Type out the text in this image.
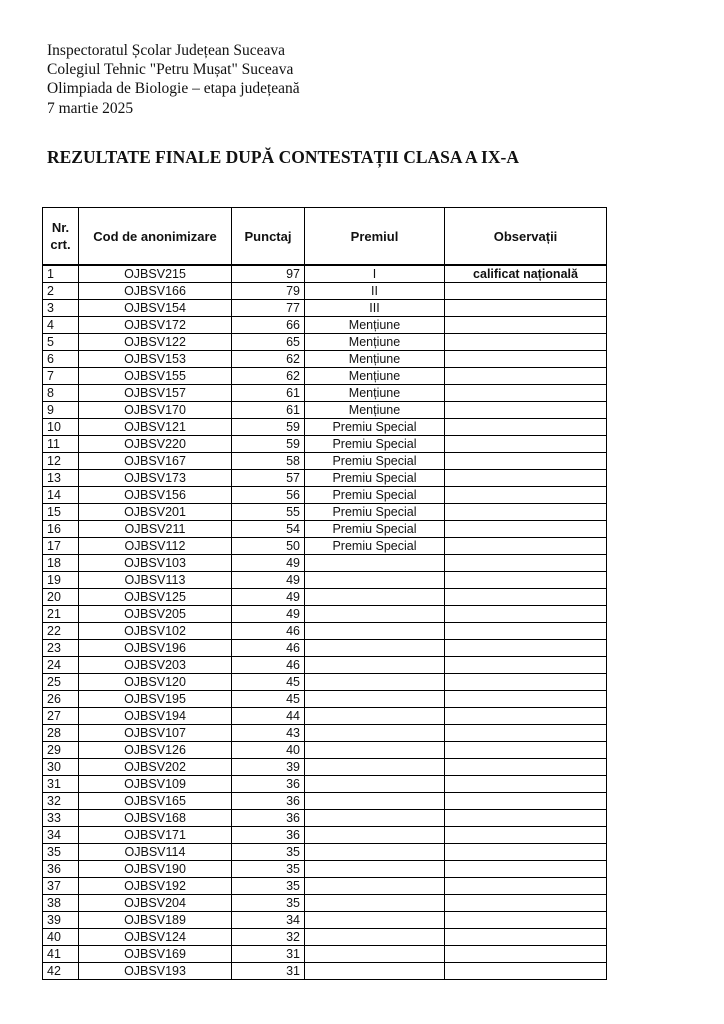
Inspectoratul Școlar Județean Suceava
Colegiul Tehnic "Petru Mușat" Suceava
Olimpiada de Biologie – etapa județeană
7 martie 2025
REZULTATE FINALE DUPĂ CONTESTAȚII CLASA A IX-A
Nr.
crt.	Cod de anonimizare	Punctaj	Premiul	Observații
1	OJBSV215	97	I	calificat națională
2	OJBSV166	79	II	
3	OJBSV154	77	III	
4	OJBSV172	66	Mențiune	
5	OJBSV122	65	Mențiune	
6	OJBSV153	62	Mențiune	
7	OJBSV155	62	Mențiune	
8	OJBSV157	61	Mențiune	
9	OJBSV170	61	Mențiune	
10	OJBSV121	59	Premiu Special	
11	OJBSV220	59	Premiu Special	
12	OJBSV167	58	Premiu Special	
13	OJBSV173	57	Premiu Special	
14	OJBSV156	56	Premiu Special	
15	OJBSV201	55	Premiu Special	
16	OJBSV211	54	Premiu Special	
17	OJBSV112	50	Premiu Special	
18	OJBSV103	49		
19	OJBSV113	49		
20	OJBSV125	49		
21	OJBSV205	49		
22	OJBSV102	46		
23	OJBSV196	46		
24	OJBSV203	46		
25	OJBSV120	45		
26	OJBSV195	45		
27	OJBSV194	44		
28	OJBSV107	43		
29	OJBSV126	40		
30	OJBSV202	39		
31	OJBSV109	36		
32	OJBSV165	36		
33	OJBSV168	36		
34	OJBSV171	36		
35	OJBSV114	35		
36	OJBSV190	35		
37	OJBSV192	35		
38	OJBSV204	35		
39	OJBSV189	34		
40	OJBSV124	32		
41	OJBSV169	31		
42	OJBSV193	31		
